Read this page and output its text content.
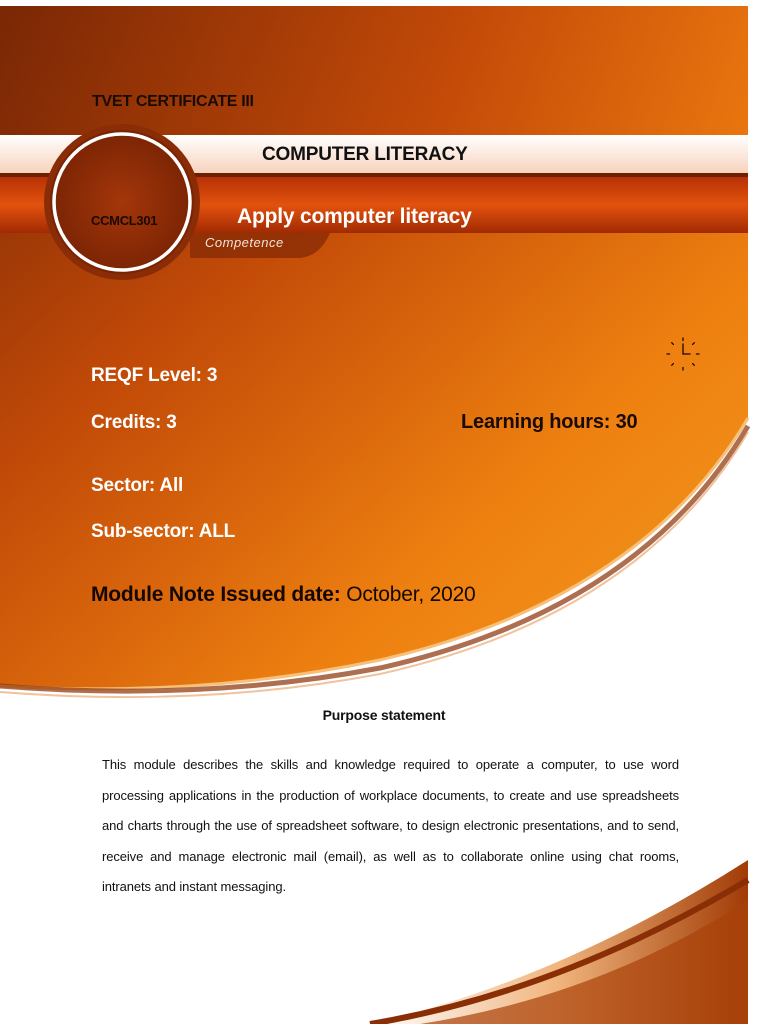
TVET CERTIFICATE III
COMPUTER LITERACY
CCMCL301	Apply computer literacy
Competence
REQF Level: 3
Credits: 3	Learning hours: 30
Sector: All
Sub-sector: ALL
Module Note Issued date: October, 2020
Purpose statement
This module describes the skills and knowledge required to operate a computer, to use word processing applications in the production of workplace documents, to create and use spreadsheets and charts through the use of spreadsheet software, to design electronic presentations, and to send, receive and manage electronic mail (email), as well as to collaborate online using chat rooms, intranets and instant messaging.
